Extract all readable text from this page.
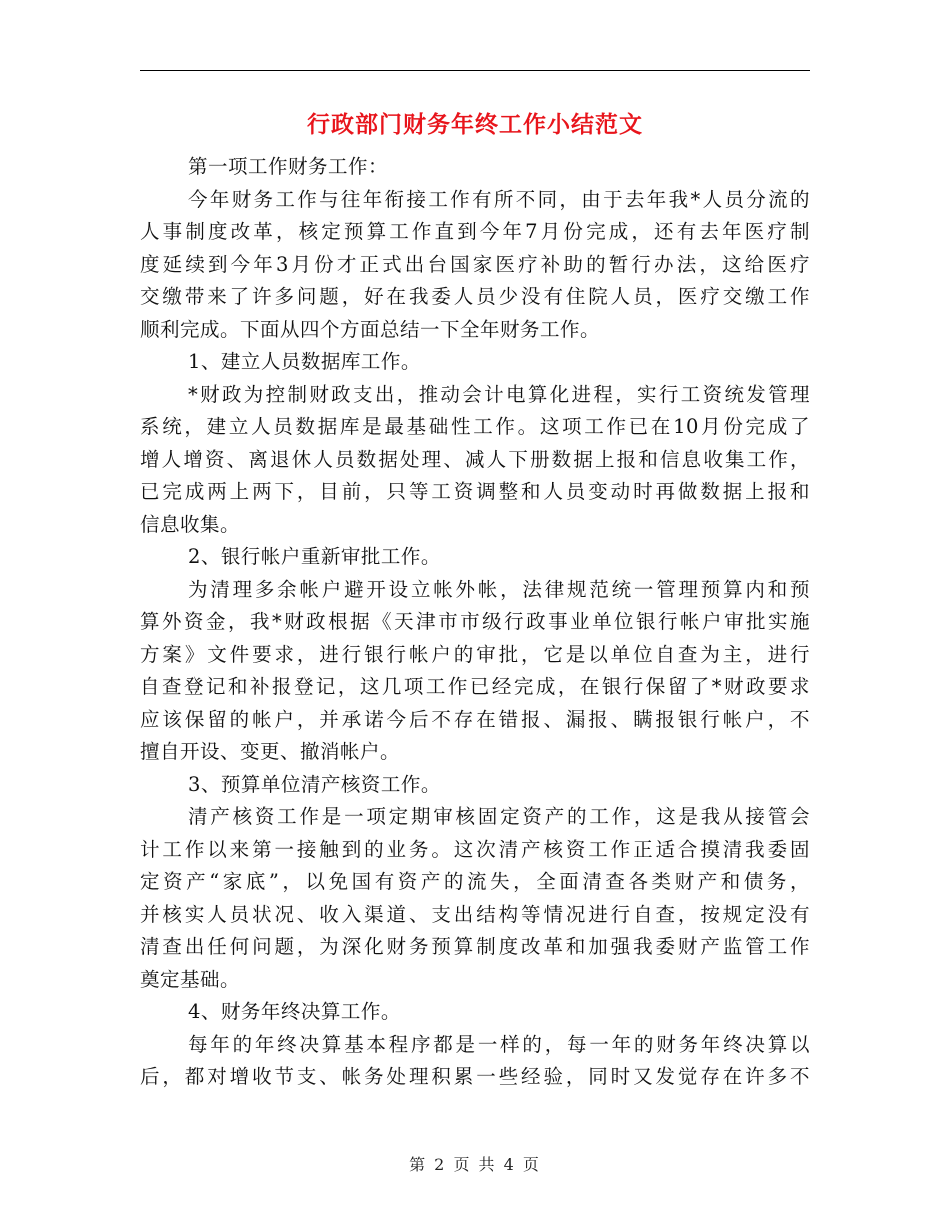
行政部门财务年终工作小结范文
第一项工作财务工作：
今年财务工作与往年衔接工作有所不同，由于去年我*人员分流的
人事制度改革，核定预算工作直到今年7月份完成，还有去年医疗制
度延续到今年3月份才正式出台国家医疗补助的暂行办法，这给医疗
交缴带来了许多问题，好在我委人员少没有住院人员，医疗交缴工作
顺利完成。下面从四个方面总结一下全年财务工作。
1、建立人员数据库工作。
*财政为控制财政支出，推动会计电算化进程，实行工资统发管理
系统，建立人员数据库是最基础性工作。这项工作已在10月份完成了
增人增资、离退休人员数据处理、减人下册数据上报和信息收集工作，
已完成两上两下，目前，只等工资调整和人员变动时再做数据上报和
信息收集。
2、银行帐户重新审批工作。
为清理多余帐户避开设立帐外帐，法律规范统一管理预算内和预
算外资金，我*财政根据《天津市市级行政事业单位银行帐户审批实施
方案》文件要求，进行银行帐户的审批，它是以单位自查为主，进行
自查登记和补报登记，这几项工作已经完成，在银行保留了*财政要求
应该保留的帐户，并承诺今后不存在错报、漏报、瞒报银行帐户，不
擅自开设、变更、撤消帐户。
3、预算单位清产核资工作。
清产核资工作是一项定期审核固定资产的工作，这是我从接管会
计工作以来第一接触到的业务。这次清产核资工作正适合摸清我委固
定资产“家底”，以免国有资产的流失，全面清查各类财产和债务，
并核实人员状况、收入渠道、支出结构等情况进行自查，按规定没有
清查出任何问题，为深化财务预算制度改革和加强我委财产监管工作
奠定基础。
4、财务年终决算工作。
每年的年终决算基本程序都是一样的，每一年的财务年终决算以
后，都对增收节支、帐务处理积累一些经验，同时又发觉存在许多不
第 2 页 共 4 页
